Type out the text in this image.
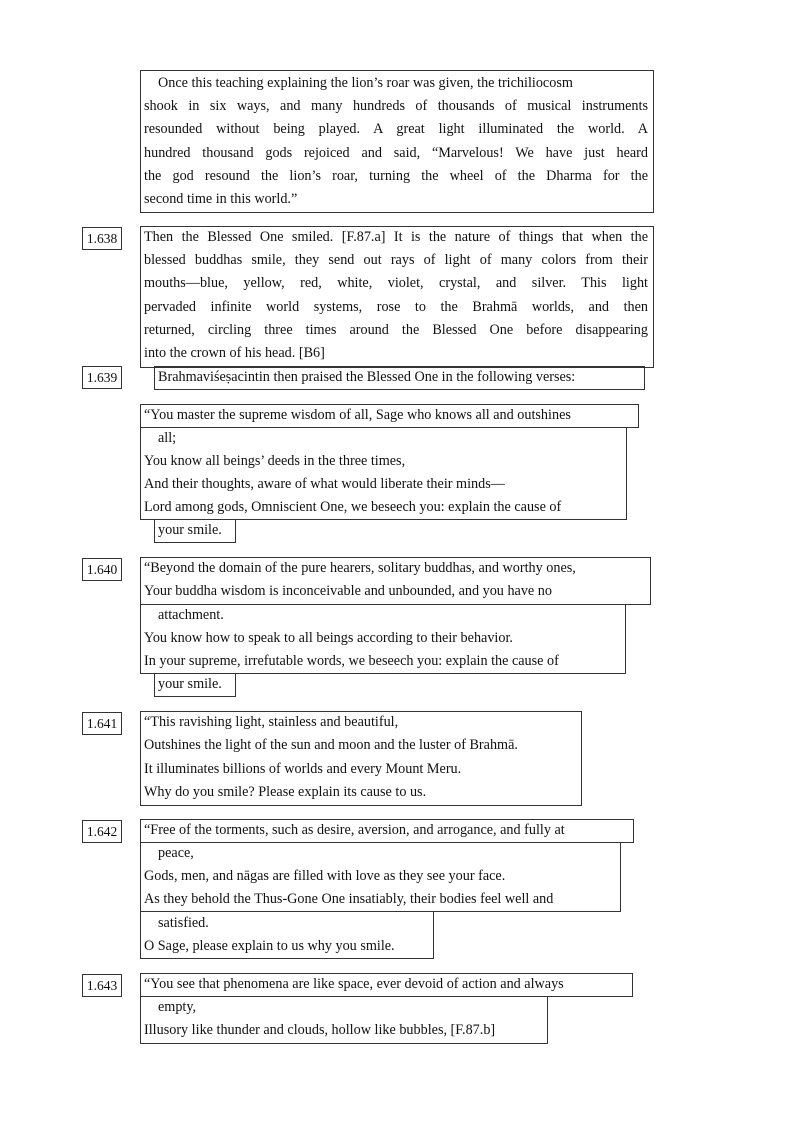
Once this teaching explaining the lion’s roar was given, the trichiliocosm
shook in six ways, and many hundreds of thousands of musical instruments
resounded without being played. A great light illuminated the world. A
hundred thousand gods rejoiced and said, “Marvelous! We have just heard
the god resound the lion’s roar, turning the wheel of the Dharma for the
second time in this world.”
1.638	Then the Blessed One smiled. [F.87.a] It is the nature of things that when the
blessed buddhas smile, they send out rays of light of many colors from their
mouths—blue, yellow, red, white, violet, crystal, and silver. This light
pervaded infinite world systems, rose to the Brahmā worlds, and then
returned, circling three times around the Blessed One before disappearing
into the crown of his head. [B6]
1.639	Brahmaviśeṣacintin then praised the Blessed One in the following verses:
“You master the supreme wisdom of all, Sage who knows all and outshines
all;
You know all beings’ deeds in the three times,
And their thoughts, aware of what would liberate their minds—
Lord among gods, Omniscient One, we beseech you: explain the cause of
your smile.
1.640	“Beyond the domain of the pure hearers, solitary buddhas, and worthy ones,
Your buddha wisdom is inconceivable and unbounded, and you have no
attachment.
You know how to speak to all beings according to their behavior.
In your supreme, irrefutable words, we beseech you: explain the cause of
your smile.
1.641	“This ravishing light, stainless and beautiful,
Outshines the light of the sun and moon and the luster of Brahmā.
It illuminates billions of worlds and every Mount Meru.
Why do you smile? Please explain its cause to us.
1.642	“Free of the torments, such as desire, aversion, and arrogance, and fully at
peace,
Gods, men, and nāgas are filled with love as they see your face.
As they behold the Thus-Gone One insatiably, their bodies feel well and
satisfied.
O Sage, please explain to us why you smile.
1.643	“You see that phenomena are like space, ever devoid of action and always
empty,
Illusory like thunder and clouds, hollow like bubbles, [F.87.b]
